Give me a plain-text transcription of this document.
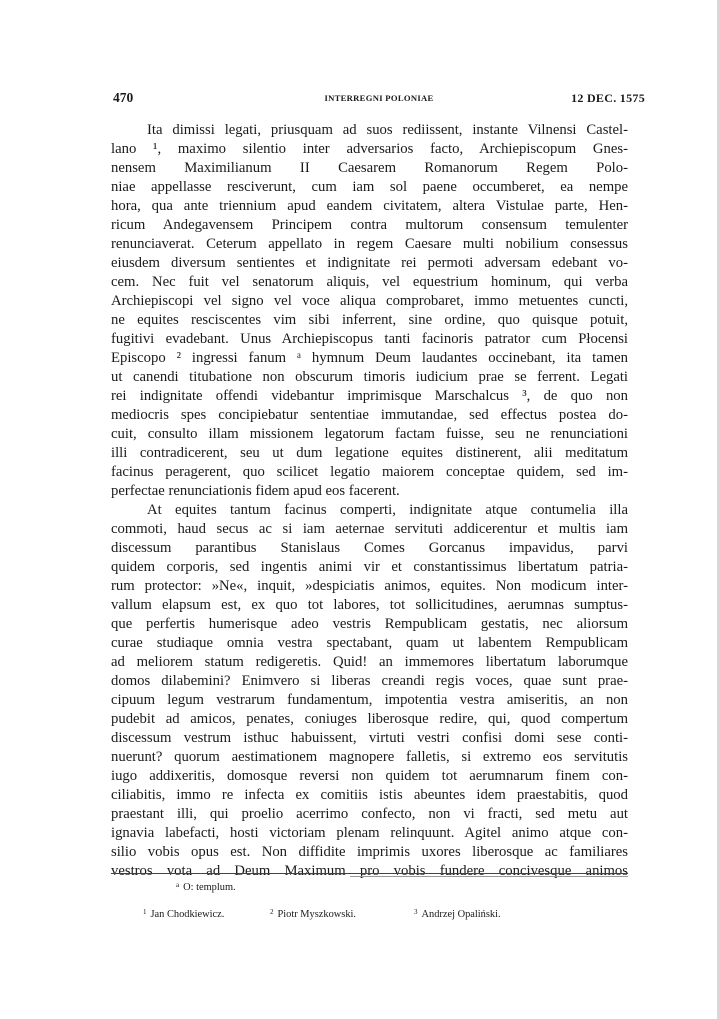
470	INTERREGNI POLONIAE	12 DEC. 1575
Ita dimissi legati, priusquam ad suos rediissent, instante Vilnensi Castel-
lano ¹, maximo silentio inter adversarios facto, Archiepiscopum Gnes-
nensem Maximilianum II Caesarem Romanorum Regem Polo-
niae appellasse resciverunt, cum iam sol paene occumberet, ea nempe
hora, qua ante triennium apud eandem civitatem, altera Vistulae parte, Hen-
ricum Andegavensem Principem contra multorum consensum temulenter
renunciaverat. Ceterum appellato in regem Caesare multi nobilium consessus
eiusdem diversum sentientes et indignitate rei permoti adversam edebant vo-
cem. Nec fuit vel senatorum aliquis, vel equestrium hominum, qui verba
Archiepiscopi vel signo vel voce aliqua comprobaret, immo metuentes cuncti,
ne equites resciscentes vim sibi inferrent, sine ordine, quo quisque potuit,
fugitivi evadebant. Unus Archiepiscopus tanti facinoris patrator cum Płocensi
Episcopo ² ingressi fanum ᵃ hymnum Deum laudantes occinebant, ita tamen
ut canendi titubatione non obscurum timoris iudicium prae se ferrent. Legati
rei indignitate offendi videbantur imprimisque Marschalcus ³, de quo non
mediocris spes concipiebatur sententiae immutandae, sed effectus postea do-
cuit, consulto illam missionem legatorum factam fuisse, seu ne renunciationi
illi contradicerent, seu ut dum legatione equites distinerent, alii meditatum
facinus peragerent, quo scilicet legatio maiorem conceptae quidem, sed im-
perfectae renunciationis fidem apud eos facerent.
At equites tantum facinus comperti, indignitate atque contumelia illa
commoti, haud secus ac si iam aeternae servituti addicerentur et multis iam
discessum parantibus Stanislaus Comes Gorcanus impavidus, parvi
quidem corporis, sed ingentis animi vir et constantissimus libertatum patria-
rum protector: »Ne«, inquit, »despiciatis animos, equites. Non modicum inter-
vallum elapsum est, ex quo tot labores, tot sollicitudines, aerumnas sumptus-
que perfertis humerisque adeo vestris Rempublicam gestatis, nec aliorsum
curae studiaque omnia vestra spectabant, quam ut labentem Rempublicam
ad meliorem statum redigeretis. Quid! an immemores libertatum laborumque
domos dilabemini? Enimvero si liberas creandi regis voces, quae sunt prae-
cipuum legum vestrarum fundamentum, impotentia vestra amiseritis, an non
pudebit ad amicos, penates, coniuges liberosque redire, qui, quod compertum
discessum vestrum isthuc habuissent, virtuti vestri confisi domi sese conti-
nuerunt? quorum aestimationem magnopere falletis, si extremo eos servitutis
iugo addixeritis, domosque reversi non quidem tot aerumnarum finem con-
ciliabitis, immo re infecta ex comitiis istis abeuntes idem praestabitis, quod
praestant illi, qui proelio acerrimo confecto, non vi fracti, sed metu aut
ignavia labefacti, hosti victoriam plenam relinquunt. Agitel animo atque con-
silio vobis opus est. Non diffidite imprimis uxores liberosque ac familiares
vestros vota ad Deum Maximum pro vobis fundere concivesque animos
$^a$ O: templum.
$^1$ Jan Chodkiewicz.	$^2$ Piotr Myszkowski.	$^3$ Andrzej Opaliński.
